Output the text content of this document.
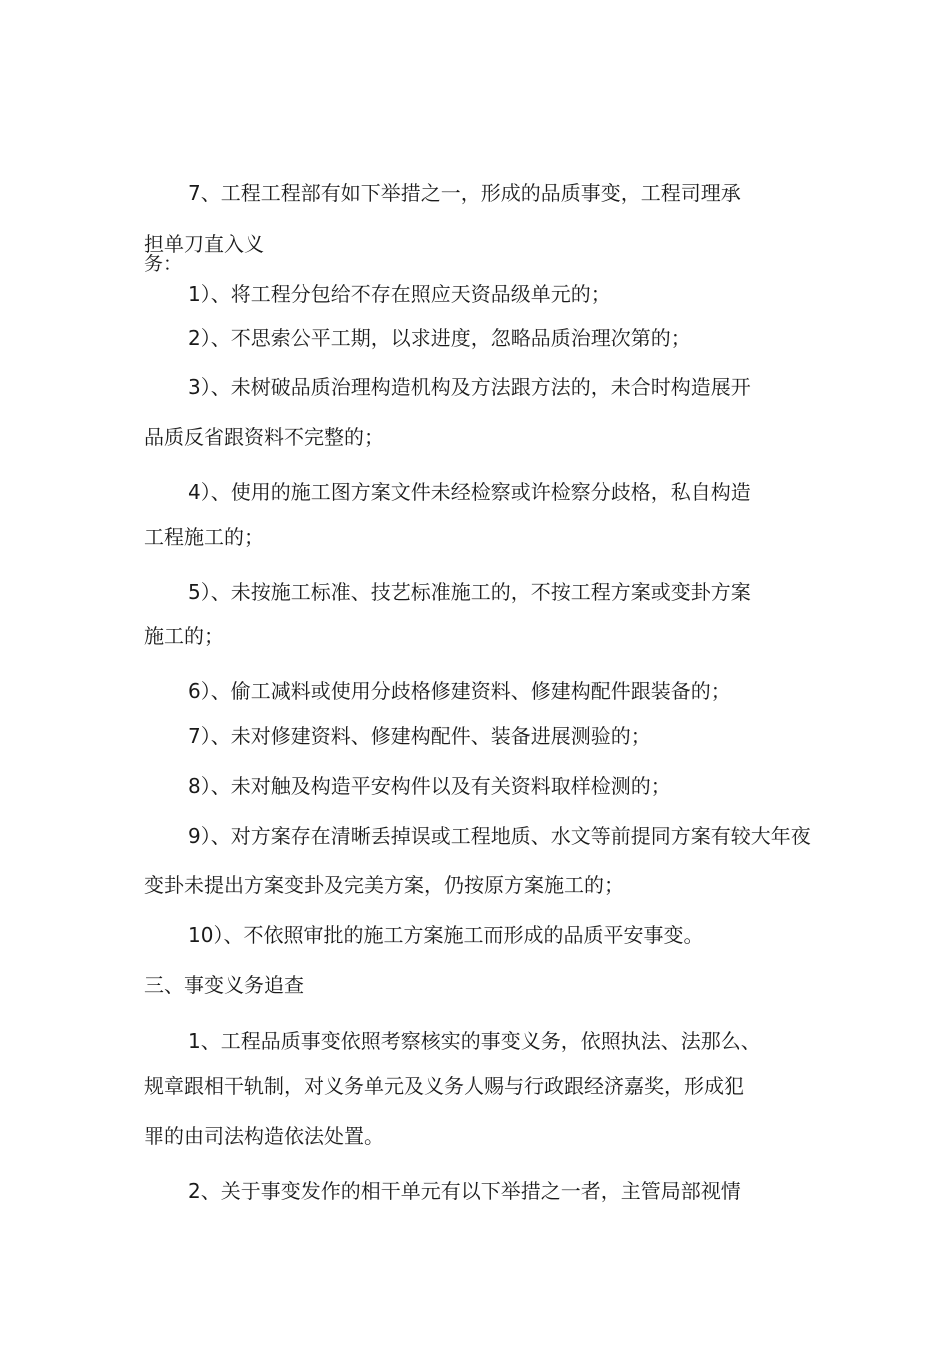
7、工程工程部有如下举措之一，形成的品质事变，工程司理承
担单刀直入义
务：
1）、将工程分包给不存在照应天资品级单元的；
2）、不思索公平工期，以求进度，忽略品质治理次第的；
3）、未树破品质治理构造机构及方法跟方法的，未合时构造展开
品质反省跟资料不完整的；
4）、使用的施工图方案文件未经检察或许检察分歧格，私自构造
工程施工的；
5）、未按施工标准、技艺标准施工的，不按工程方案或变卦方案
施工的；
6）、偷工减料或使用分歧格修建资料、修建构配件跟装备的；
7）、未对修建资料、修建构配件、装备进展测验的；
8）、未对触及构造平安构件以及有关资料取样检测的；
9）、对方案存在清晰丢掉误或工程地质、水文等前提同方案有较大年夜
变卦未提出方案变卦及完美方案，仍按原方案施工的；
10）、不依照审批的施工方案施工而形成的品质平安事变。
三、事变义务追查
1、工程品质事变依照考察核实的事变义务，依照执法、法那么、
规章跟相干轨制，对义务单元及义务人赐与行政跟经济嘉奖，形成犯
罪的由司法构造依法处置。
2、关于事变发作的相干单元有以下举措之一者，主管局部视情
